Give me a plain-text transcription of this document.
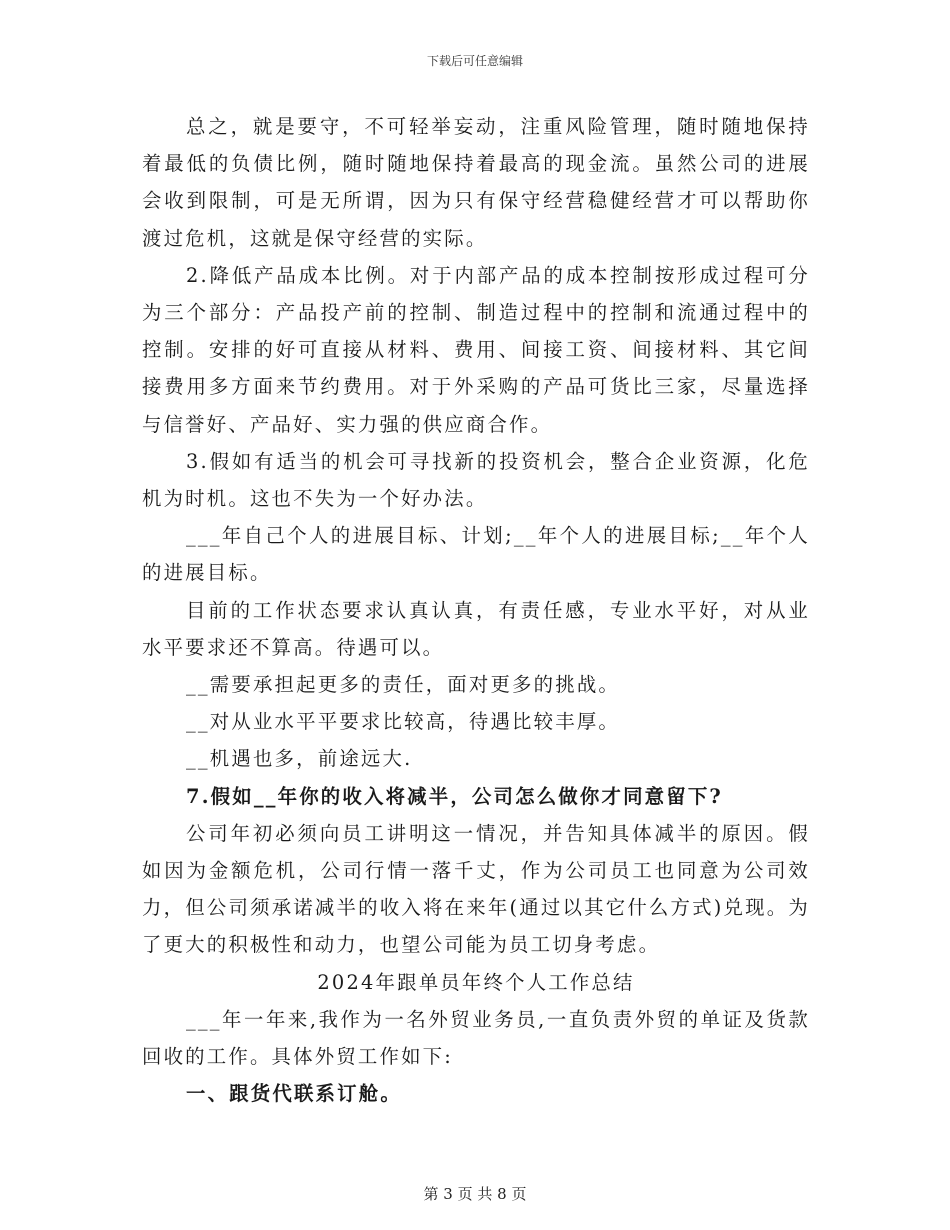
下载后可任意编辑

总之，就是要守，不可轻举妄动，注重风险管理，随时随地保持着最低的负债比例，随时随地保持着最高的现金流。虽然公司的进展会收到限制，可是无所谓，因为只有保守经营稳健经营才可以帮助你渡过危机，这就是保守经营的实际。

2.降低产品成本比例。对于内部产品的成本控制按形成过程可分为三个部分：产品投产前的控制、制造过程中的控制和流通过程中的控制。安排的好可直接从材料、费用、间接工资、间接材料、其它间接费用多方面来节约费用。对于外采购的产品可货比三家，尽量选择与信誉好、产品好、实力强的供应商合作。

3.假如有适当的机会可寻找新的投资机会，整合企业资源，化危机为时机。这也不失为一个好办法。

___年自己个人的进展目标、计划;__年个人的进展目标;__年个人的进展目标。

目前的工作状态要求认真认真，有责任感，专业水平好，对从业水平要求还不算高。待遇可以。

__需要承担起更多的责任，面对更多的挑战。

__对从业水平平要求比较高，待遇比较丰厚。

__机遇也多，前途远大.

7.假如__年你的收入将减半，公司怎么做你才同意留下?

公司年初必须向员工讲明这一情况，并告知具体减半的原因。假如因为金额危机，公司行情一落千丈，作为公司员工也同意为公司效力，但公司须承诺减半的收入将在来年(通过以其它什么方式)兑现。为了更大的积极性和动力，也望公司能为员工切身考虑。

2024年跟单员年终个人工作总结

___年一年来,我作为一名外贸业务员,一直负责外贸的单证及货款回收的工作。具体外贸工作如下:

一、跟货代联系订舱。

第 3 页 共 8 页
